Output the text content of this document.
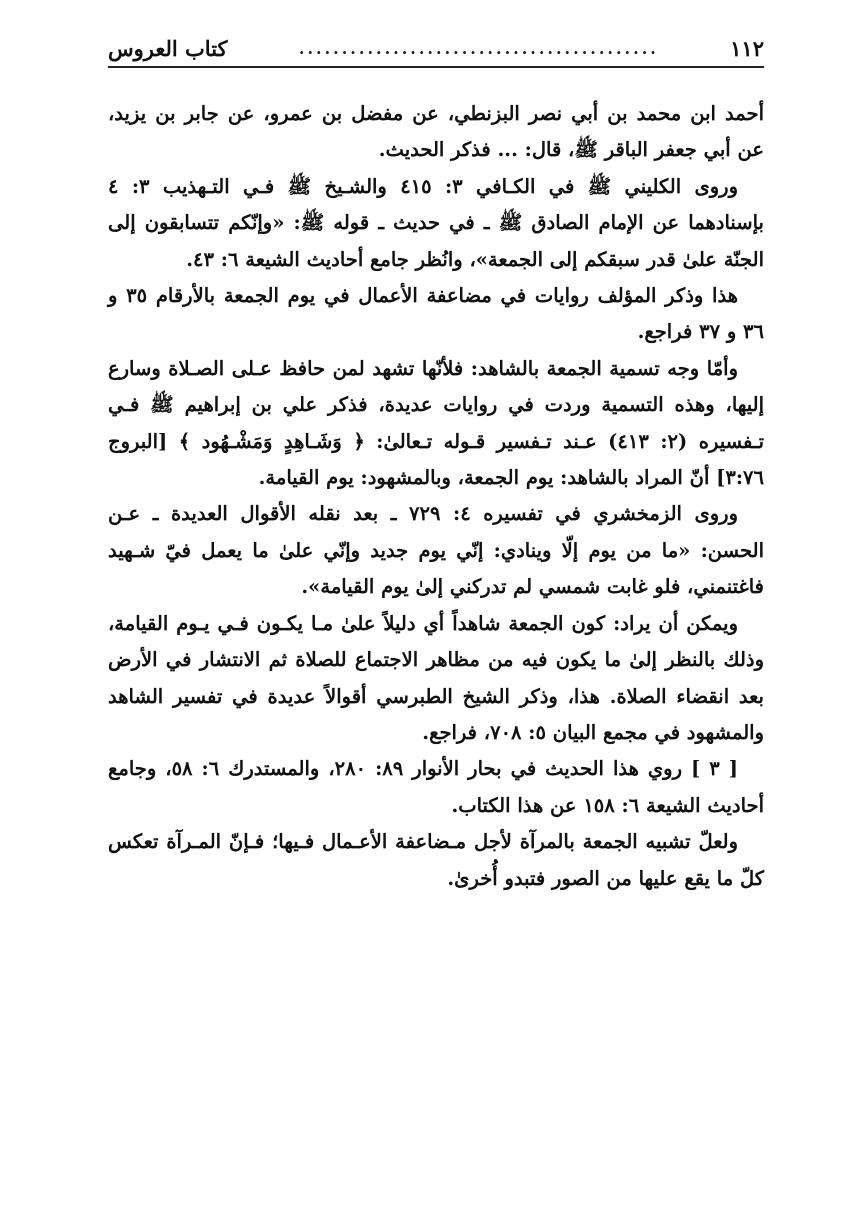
١١٢
..........................................
كتاب العروس

أحمد ابن محمد بن أبي نصر البزنطي، عن مفضل بن عمرو، عن جابر بن يزيد، عن أبي جعفر الباقر ﷺ، قال: ... فذكر الحديث.

وروى الكليني ﷺ في الكـافي ٣: ٤١٥ والشـيخ ﷺ فـي التـهذيب ٣: ٤ بإسنادهما عن الإمام الصادق ﷺ ـ في حديث ـ قوله ﷺ: «وإنّكم تتسابقون إلى الجنّة علىٰ قدر سبقكم إلى الجمعة»، وانُظر جامع أحاديث الشيعة ٦: ٤٣.

هذا وذكر المؤلف روايات في مضاعفة الأعمال في يوم الجمعة بالأرقام ٣٥ و ٣٦ و ٣٧ فراجع.

وأمّا وجه تسمية الجمعة بالشاهد: فلأنّها تشهد لمن حافظ عـلى الصـلاة وسارع إليها، وهذه التسمية وردت في روايات عديدة، فذكر علي بن إبراهيم ﷺ فـي تـفسيره (٢: ٤١٣) عـند تـفسير قـوله تـعالىٰ: ﴿ وَشَـاهِدٍ وَمَشْـهُود ﴾ [البروج ٣:٧٦] أنّ المراد بالشاهد: يوم الجمعة، وبالمشهود: يوم القيامة.

وروى الزمخشري في تفسيره ٤: ٧٢٩ ـ بعد نقله الأقوال العديدة ـ عـن الحسن: «ما من يوم إلّا وينادي: إنّي يوم جديد وإنّي علىٰ ما يعمل فيّ شـهيد فاغتنمني، فلو غابت شمسي لم تدركني إلىٰ يوم القيامة».

ويمكن أن يراد: كون الجمعة شاهداً أي دليلاً علىٰ مـا يكـون فـي يـوم القيامة، وذلك بالنظر إلىٰ ما يكون فيه من مظاهر الاجتماع للصلاة ثم الانتشار في الأرض بعد انقضاء الصلاة. هذا، وذكر الشيخ الطبرسي أقوالاً عديدة في تفسير الشاهد والمشهود في مجمع البيان ٥: ٧٠٨، فراجع.

[ ٣ ] روي هذا الحديث في بحار الأنوار ٨٩: ٢٨٠، والمستدرك ٦: ٥٨، وجامع أحاديث الشيعة ٦: ١٥٨ عن هذا الكتاب.

ولعلّ تشبيه الجمعة بالمرآة لأجل مـضاعفة الأعـمال فـيها؛ فـإنّ المـرآة تعكس كلّ ما يقع عليها من الصور فتبدو أُخرىٰ.
